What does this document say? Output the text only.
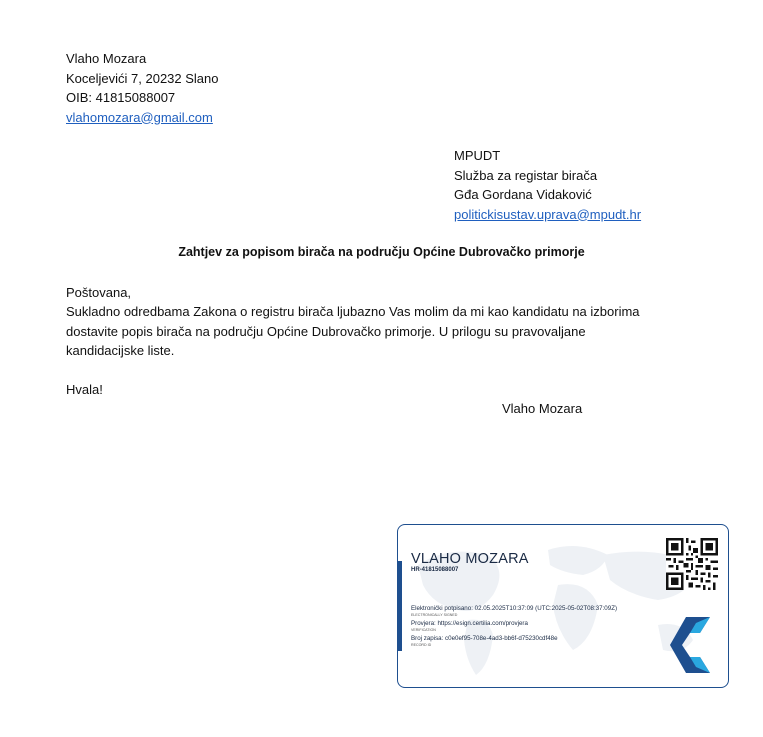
Vlaho Mozara
Koceljevići 7, 20232 Slano
OIB: 41815088007
vlahomozara@gmail.com
MPUDT
Služba za registar birača
Gđa Gordana Vidaković
politickisustav.uprava@mpudt.hr
Zahtjev za popisom birača na području Općine Dubrovačko primorje
Poštovana,
Sukladno odredbama Zakona o registru birača ljubazno Vas molim da mi kao kandidatu na izborima
dostavite popis birača na području Općine Dubrovačko primorje. U prilogu su pravovaljane
kandidacijske liste.
Hvala!
Vlaho Mozara
VLAHO MOZARA
HR-41815088007
Elektronički potpisano: 02.05.2025T10:37:09 (UTC:2025-05-02T08:37:09Z)
ELECTRONICALLY SIGNED
Provjera: https://esign.certilia.com/provjera
VERIFICATION
Broj zapisa: c0e0ef95-708e-4ad3-bb6f-d75230cdf48e
RECORD ID
